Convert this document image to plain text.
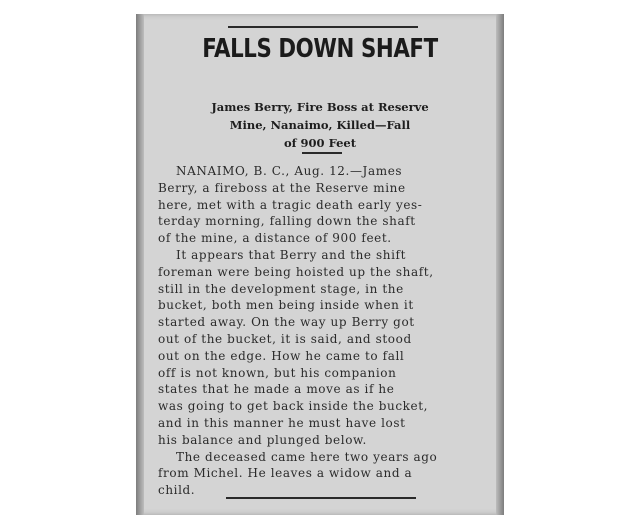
FALLS DOWN SHAFT
James Berry, Fire Boss at Reserve
Mine, Nanaimo, Killed—Fall
of 900 Feet
NANAIMO, B. C., Aug. 12.—James
Berry, a fireboss at the Reserve mine
here, met with a tragic death early yes-
terday morning, falling down the shaft
of the mine, a distance of 900 feet.
It appears that Berry and the shift
foreman were being hoisted up the shaft,
still in the development stage, in the
bucket, both men being inside when it
started away. On the way up Berry got
out of the bucket, it is said, and stood
out on the edge. How he came to fall
off is not known, but his companion
states that he made a move as if he
was going to get back inside the bucket,
and in this manner he must have lost
his balance and plunged below.
The deceased came here two years ago
from Michel. He leaves a widow and a
child.
